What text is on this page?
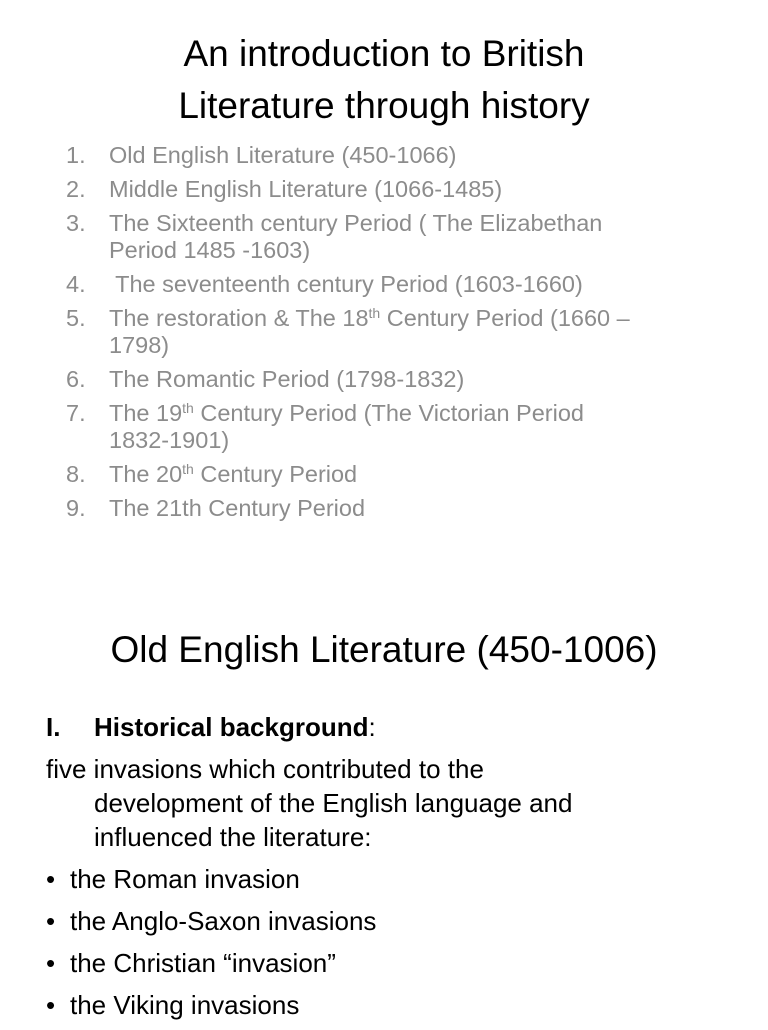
An introduction to British
Literature through history
1. Old English Literature (450-1066)
2. Middle English Literature (1066-1485)
3. The Sixteenth century Period ( The Elizabethan
Period 1485 -1603)
4. The seventeenth century Period (1603-1660)
5. The restoration & The 18th Century Period (1660 –
1798)
6. The Romantic Period (1798-1832)
7. The 19th Century Period (The Victorian Period
1832-1901)
8. The 20th Century Period
9. The 21th Century Period
Old English Literature (450-1006)
I. Historical background:
five invasions which contributed to the
development of the English language and
influenced the literature:
• the Roman invasion
• the Anglo-Saxon invasions
• the Christian “invasion”
• the Viking invasions
